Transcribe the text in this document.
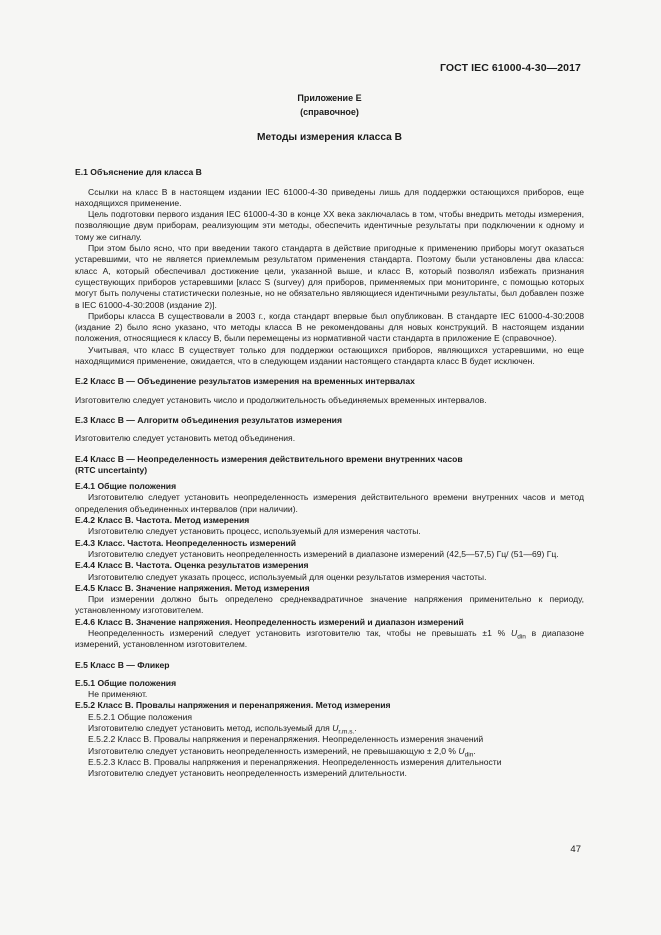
ГОСТ IEC 61000-4-30—2017
Приложение Е
(справочное)
Методы измерения класса В
Е.1 Объяснение для класса В

Ссылки на класс В в настоящем издании IEC 61000-4-30 приведены лишь для поддержки остающихся приборов, еще находящихся применение.

Цель подготовки первого издания IEC 61000-4-30 в конце XX века заключалась в том, чтобы внедрить методы измерения, позволяющие двум приборам, реализующим эти методы, обеспечить идентичные результаты при подключении к одному и тому же сигналу.

При этом было ясно, что при введении такого стандарта в действие пригодные к применению приборы могут оказаться устаревшими, что не является приемлемым результатом применения стандарта. Поэтому были установлены два класса: класс А, который обеспечивал достижение цели, указанной выше, и класс В, который позволял избежать признания существующих приборов устаревшими [класс S (survey) для приборов, применяемых при мониторинге, с помощью которых могут быть получены статистически полезные, но не обязательно являющиеся идентичными результаты, был добавлен позже в IEC 61000-4-30:2008 (издание 2)].

Приборы класса В существовали в 2003 г., когда стандарт впервые был опубликован. В стандарте IEC 61000-4-30:2008 (издание 2) было ясно указано, что методы класса В не рекомендованы для новых конструкций. В настоящем издании положения, относящиеся к классу В, были перемещены из нормативной части стандарта в приложение Е (справочное).

Учитывая, что класс В существует только для поддержки остающихся приборов, являющихся устаревшими, но еще находящимися применение, ожидается, что в следующем издании настоящего стандарта класс В будет исключен.

Е.2 Класс В — Объединение результатов измерения на временных интервалах

Изготовителю следует установить число и продолжительность объединяемых временных интервалов.

Е.3 Класс В — Алгоритм объединения результатов измерения

Изготовителю следует установить метод объединения.

Е.4 Класс В — Неопределенность измерения действительного времени внутренних часов
(RTC uncertainty)
Е.4.1 Общие положения

Изготовителю следует установить неопределенность измерения действительного времени внутренних часов и метод определения объединенных интервалов (при наличии).

Е.4.2 Класс В. Частота. Метод измерения

Изготовителю следует установить процесс, используемый для измерения частоты.

Е.4.3 Класс. Частота. Неопределенность измерений

Изготовителю следует установить неопределенность измерений в диапазоне измерений (42,5—57,5) Гц/ (51—69) Гц.

Е.4.4 Класс В. Частота. Оценка результатов измерения

Изготовителю следует указать процесс, используемый для оценки результатов измерения частоты.

Е.4.5 Класс В. Значение напряжения. Метод измерения

При измерении должно быть определено среднеквадратичное значение напряжения применительно к периоду, установленному изготовителем.

Е.4.6 Класс В. Значение напряжения. Неопределенность измерений и диапазон измерений

Неопределенность измерений следует установить изготовителю так, чтобы не превышать ±1 % $U_{din}$ в диапазоне измерений, установленном изготовителем.

Е.5 Класс В — Фликер
Е.5.1 Общие положения

Не применяют.

Е.5.2 Класс В. Провалы напряжения и перенапряжения. Метод измерения

Е.5.2.1 Общие положения

Изготовителю следует установить метод, используемый для $U_{r.m.s.}$.

Е.5.2.2 Класс В. Провалы напряжения и перенапряжения. Неопределенность измерения значений

Изготовителю следует установить неопределенность измерений, не превышающую ± 2,0 % $U_{din}$.

Е.5.2.3 Класс В. Провалы напряжения и перенапряжения. Неопределенность измерения длительности

Изготовителю следует установить неопределенность измерений длительности.

47
